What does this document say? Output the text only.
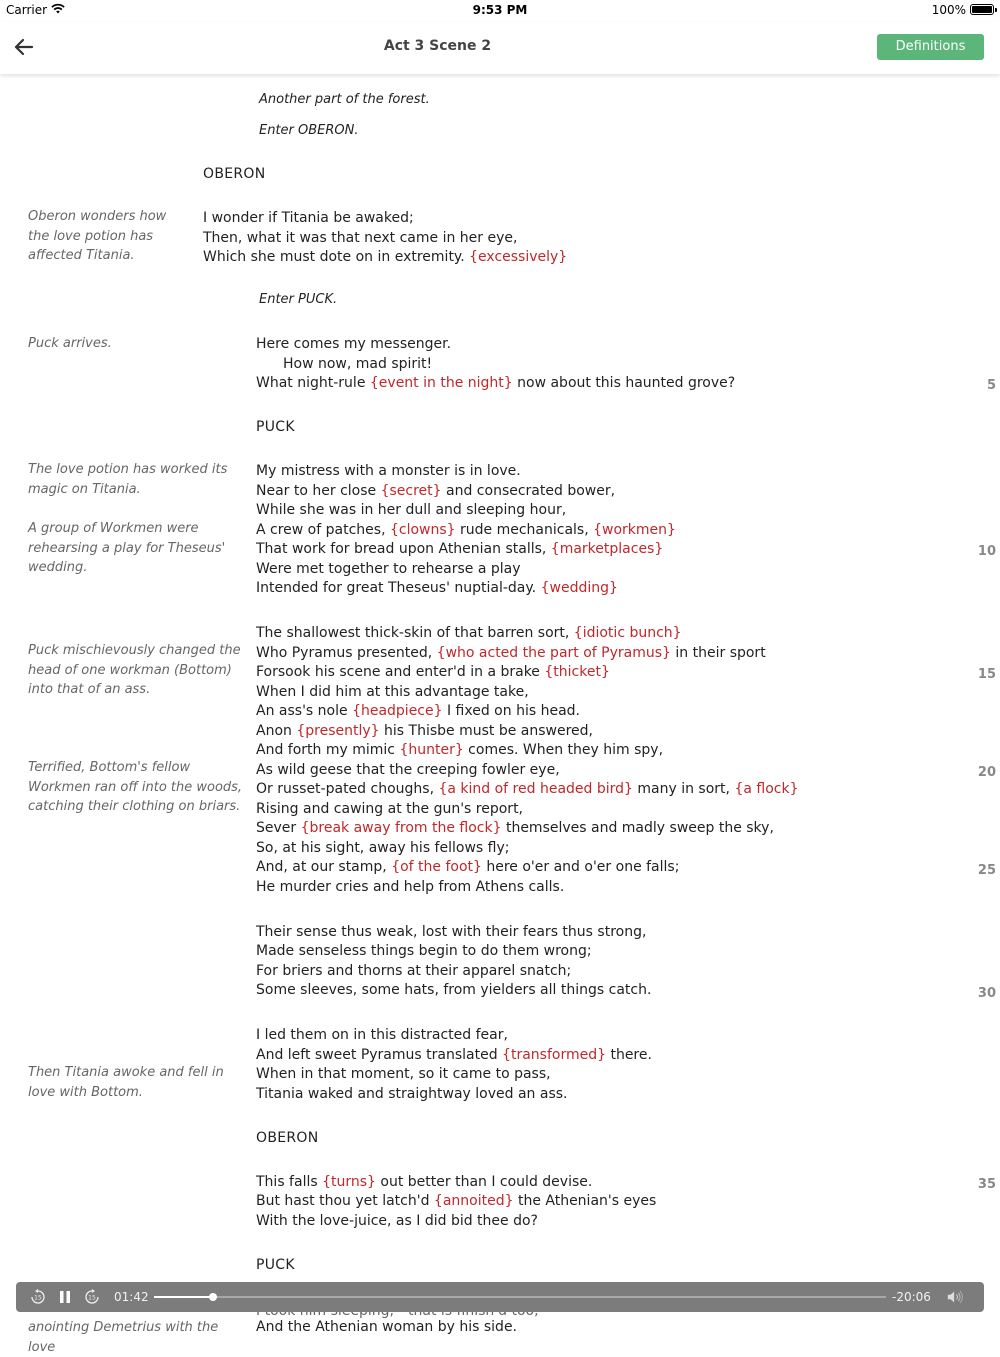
Carrier	9:53 PM	100%
Act 3 Scene 2	Definitions
Another part of the forest.
Enter OBERON.
OBERON
Oberon wonders how
the love potion has
affected Titania.
I wonder if Titania be awaked;
Then, what it was that next came in her eye,
Which she must dote on in extremity. {excessively}
Enter PUCK.
Puck arrives.	Here comes my messenger.
How now, mad spirit!
What night-rule {event in the night} now about this haunted grove?	5
PUCK
The love potion has worked its
magic on Titania.
A group of Workmen were
rehearsing a play for Theseus'
wedding.
My mistress with a monster is in love.
Near to her close {secret} and consecrated bower,
While she was in her dull and sleeping hour,
A crew of patches, {clowns} rude mechanicals, {workmen}
That work for bread upon Athenian stalls, {marketplaces}	10
Were met together to rehearse a play
Intended for great Theseus' nuptial-day. {wedding}
Puck mischievously changed the
head of one workman (Bottom)
into that of an ass.
Terrified, Bottom's fellow
Workmen ran off into the woods,
catching their clothing on briars.
The shallowest thick-skin of that barren sort, {idiotic bunch}
Who Pyramus presented, {who acted the part of Pyramus} in their sport
Forsook his scene and enter'd in a brake {thicket}	15
When I did him at this advantage take,
An ass's nole {headpiece} I fixed on his head.
Anon {presently} his Thisbe must be answered,
And forth my mimic {hunter} comes. When they him spy,
As wild geese that the creeping fowler eye,	20
Or russet-pated choughs, {a kind of red headed bird} many in sort, {a flock}
Rising and cawing at the gun's report,
Sever {break away from the flock} themselves and madly sweep the sky,
So, at his sight, away his fellows fly;
And, at our stamp, {of the foot} here o'er and o'er one falls;	25
He murder cries and help from Athens calls.
Their sense thus weak, lost with their fears thus strong,
Made senseless things begin to do them wrong;
For briers and thorns at their apparel snatch;
Some sleeves, some hats, from yielders all things catch.	30
Then Titania awoke and fell in
love with Bottom.
I led them on in this distracted fear,
And left sweet Pyramus translated {transformed} there.
When in that moment, so it came to pass,
Titania waked and straightway loved an ass.
OBERON
This falls {turns} out better than I could devise.	35
But hast thou yet latch'd {annoited} the Athenian's eyes
With the love-juice, as I did bid thee do?
PUCK
anointing Demetrius with the love
And the Athenian woman by his side.
15	15 01:42	-20:06
